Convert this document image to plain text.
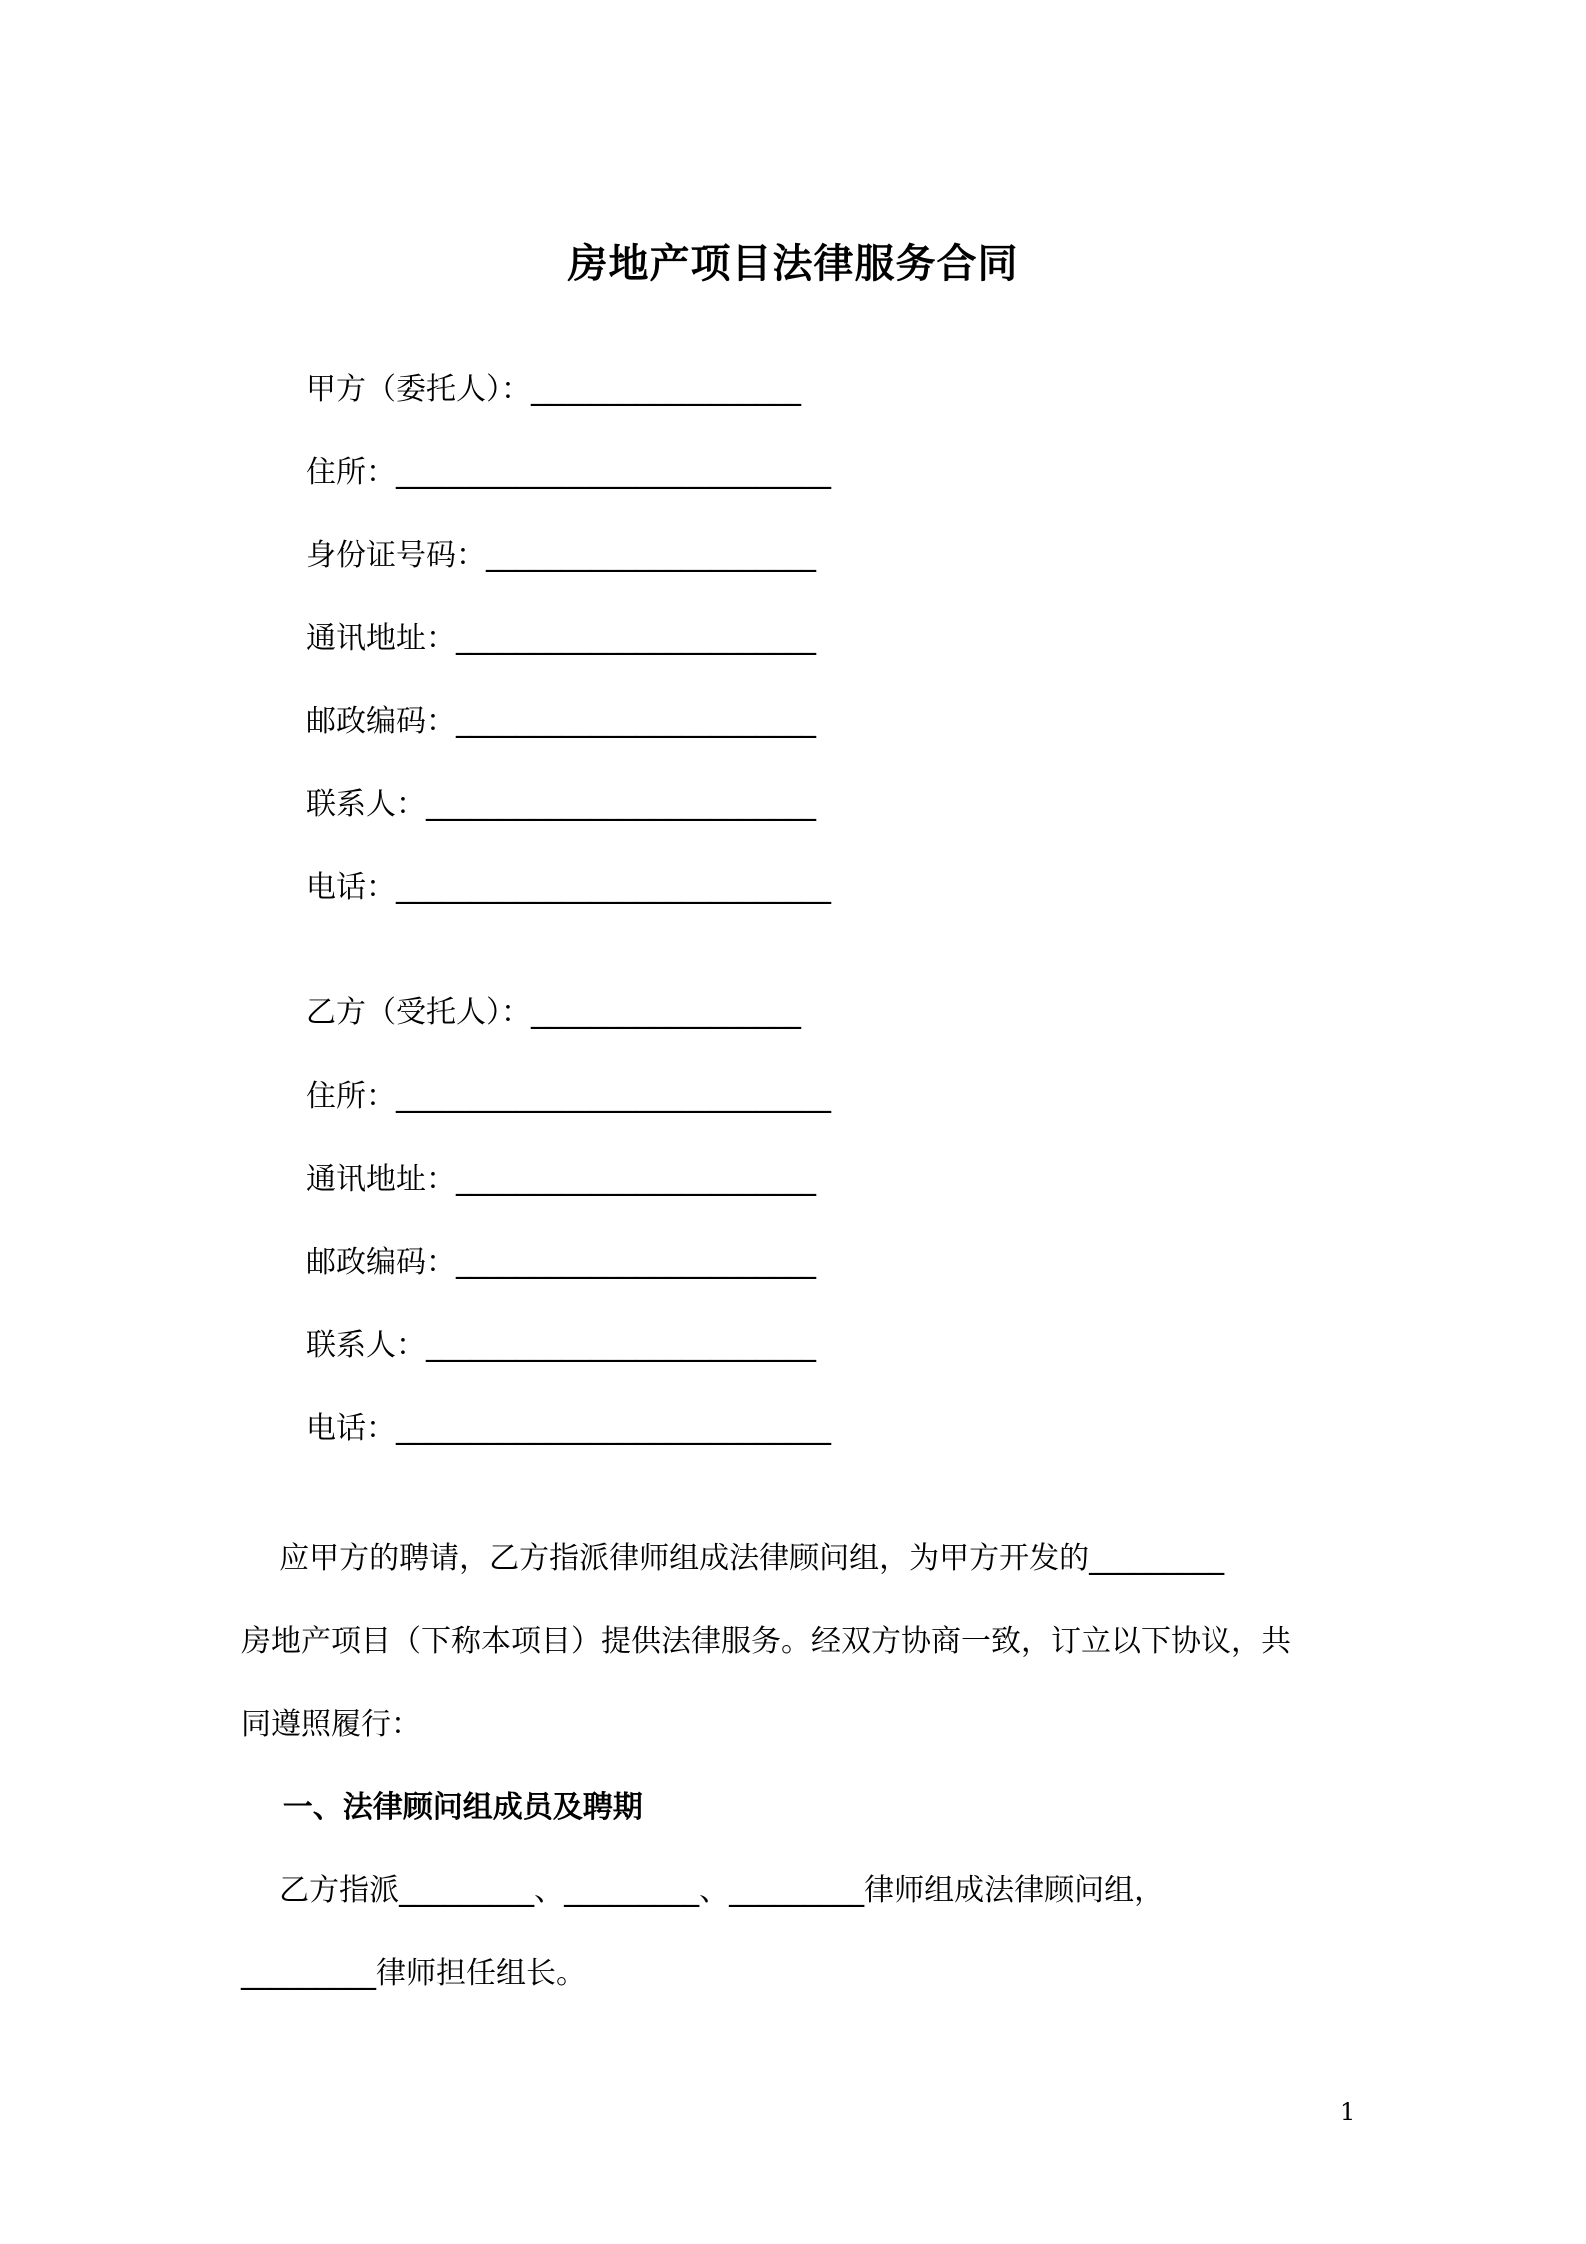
房地产项目法律服务合同
甲方（委托人）：__________________
住所：_____________________________
身份证号码：______________________
通讯地址：________________________
邮政编码：________________________
联系人：__________________________
电话：_____________________________
乙方（受托人）：__________________
住所：_____________________________
通讯地址：________________________
邮政编码：________________________
联系人：__________________________
电话：_____________________________
应甲方的聘请，乙方指派律师组成法律顾问组，为甲方开发的_________
房地产项目（下称本项目）提供法律服务。经双方协商一致，订立以下协议，共
同遵照履行：
一、法律顾问组成员及聘期
乙方指派_________、_________、_________律师组成法律顾问组，
_________律师担任组长。
1
